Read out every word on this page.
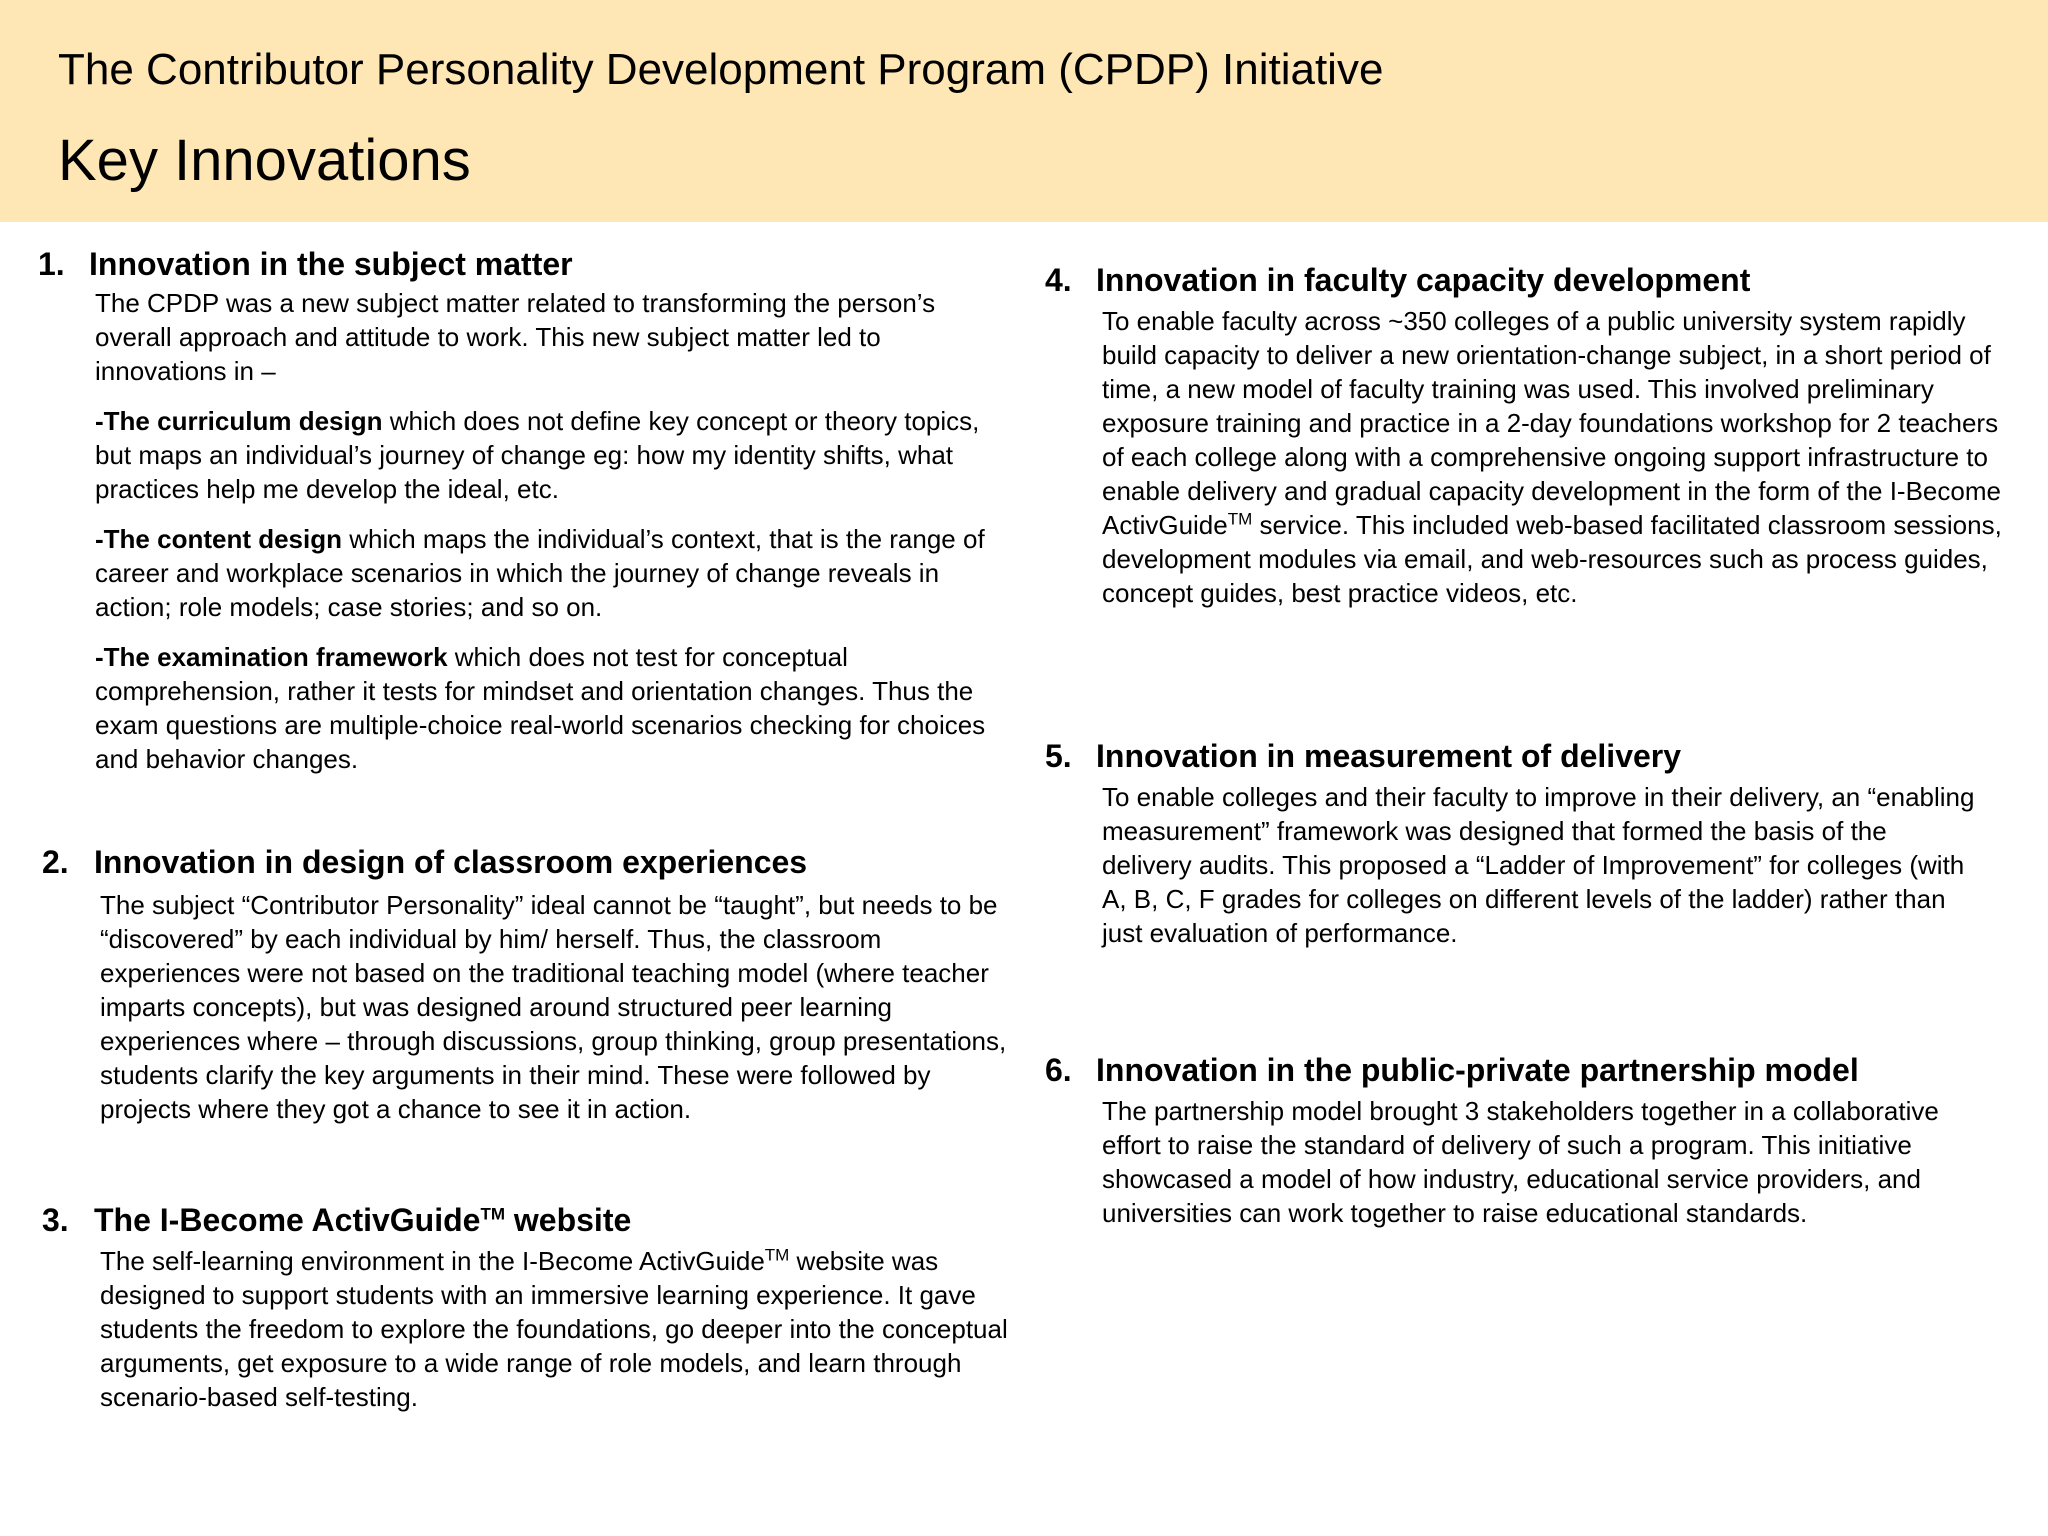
The Contributor Personality Development Program (CPDP) Initiative
Key Innovations
1. Innovation in the subject matter

The CPDP was a new subject matter related to transforming the person’s overall approach and attitude to work. This new subject matter led to innovations in –

-The curriculum design which does not define key concept or theory topics, but maps an individual’s journey of change eg: how my identity shifts, what practices help me develop the ideal, etc.

-The content design which maps the individual’s context, that is the range of career and workplace scenarios in which the journey of change reveals in action; role models; case stories; and so on.

-The examination framework which does not test for conceptual comprehension, rather it tests for mindset and orientation changes. Thus the exam questions are multiple-choice real-world scenarios checking for choices and behavior changes.

2. Innovation in design of classroom experiences

The subject “Contributor Personality” ideal cannot be “taught”, but needs to be “discovered” by each individual by him/ herself. Thus, the classroom experiences were not based on the traditional teaching model (where teacher imparts concepts), but was designed around structured peer learning experiences where – through discussions, group thinking, group presentations, students clarify the key arguments in their mind. These were followed by projects where they got a chance to see it in action.

3. The I-Become ActivGuide™ website

The self-learning environment in the I-Become ActivGuide™ website was designed to support students with an immersive learning experience. It gave students the freedom to explore the foundations, go deeper into the conceptual arguments, get exposure to a wide range of role models, and learn through scenario-based self-testing.

4. Innovation in faculty capacity development

To enable faculty across ~350 colleges of a public university system rapidly build capacity to deliver a new orientation-change subject, in a short period of time, a new model of faculty training was used. This involved preliminary exposure training and practice in a 2-day foundations workshop for 2 teachers of each college along with a comprehensive ongoing support infrastructure to enable delivery and gradual capacity development in the form of the I-Become ActivGuide™ service. This included web-based facilitated classroom sessions, development modules via email, and web-resources such as process guides, concept guides, best practice videos, etc.

5. Innovation in measurement of delivery

To enable colleges and their faculty to improve in their delivery, an “enabling measurement” framework was designed that formed the basis of the delivery audits. This proposed a “Ladder of Improvement” for colleges (with A, B, C, F grades for colleges on different levels of the ladder) rather than just evaluation of performance.

6. Innovation in the public-private partnership model

The partnership model brought 3 stakeholders together in a collaborative effort to raise the standard of delivery of such a program. This initiative showcased a model of how industry, educational service providers, and universities can work together to raise educational standards.
